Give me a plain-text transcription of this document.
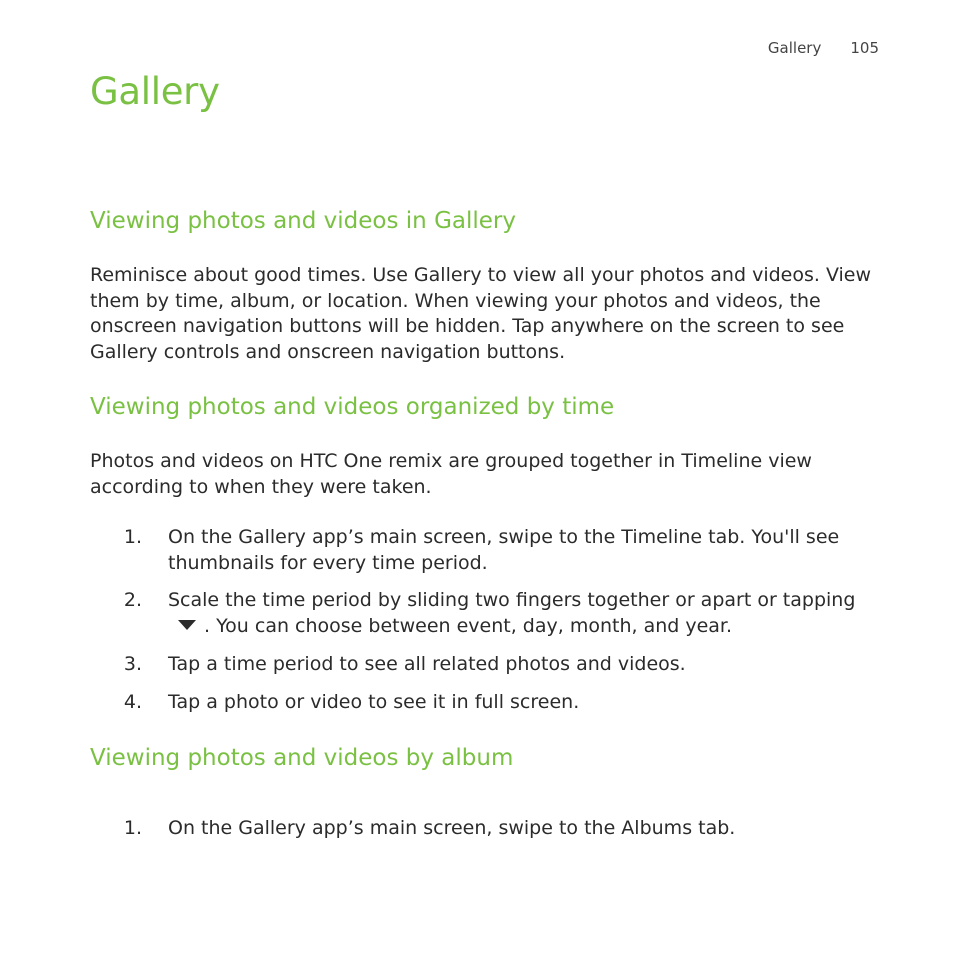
Gallery 105
Gallery
Viewing photos and videos in Gallery

Reminisce about good times. Use Gallery to view all your photos and videos. View them by time, album, or location. When viewing your photos and videos, the onscreen navigation buttons will be hidden. Tap anywhere on the screen to see Gallery controls and onscreen navigation buttons.

Viewing photos and videos organized by time

Photos and videos on HTC One remix are grouped together in Timeline view according to when they were taken.

1. On the Gallery app’s main screen, swipe to the Timeline tab. You'll see thumbnails for every time period.
2. Scale the time period by sliding two fingers together or apart or tapping. You can choose between event, day, month, and year.
3. Tap a time period to see all related photos and videos.
4. Tap a photo or video to see it in full screen.
Viewing photos and videos by album
1. On the Gallery app’s main screen, swipe to the Albums tab.
